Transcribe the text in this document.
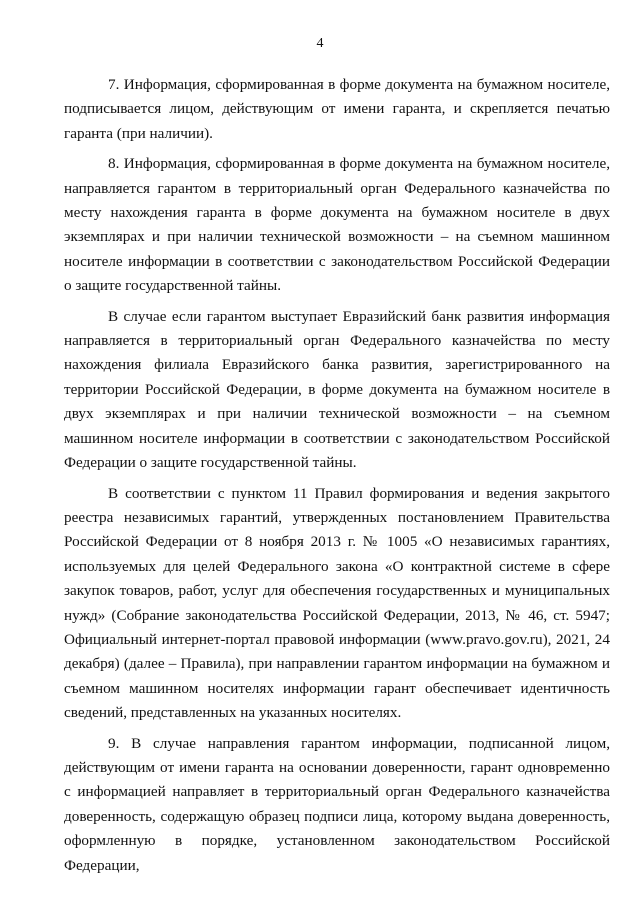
4

7. Информация, сформированная в форме документа на бумажном носителе, подписывается лицом, действующим от имени гаранта, и скрепляется печатью гаранта (при наличии).

8. Информация, сформированная в форме документа на бумажном носителе, направляется гарантом в территориальный орган Федерального казначейства по месту нахождения гаранта в форме документа на бумажном носителе в двух экземплярах и при наличии технической возможности – на съемном машинном носителе информации в соответствии с законодательством Российской Федерации о защите государственной тайны.

В случае если гарантом выступает Евразийский банк развития информация направляется в территориальный орган Федерального казначейства по месту нахождения филиала Евразийского банка развития, зарегистрированного на территории Российской Федерации, в форме документа на бумажном носителе в двух экземплярах и при наличии технической возможности – на съемном машинном носителе информации в соответствии с законодательством Российской Федерации о защите государственной тайны.

В соответствии с пунктом 11 Правил формирования и ведения закрытого реестра независимых гарантий, утвержденных постановлением Правительства Российской Федерации от 8 ноября 2013 г. № 1005 «О независимых гарантиях, используемых для целей Федерального закона «О контрактной системе в сфере закупок товаров, работ, услуг для обеспечения государственных и муниципальных нужд» (Собрание законодательства Российской Федерации, 2013, № 46, ст. 5947; Официальный интернет-портал правовой информации (www.pravo.gov.ru), 2021, 24 декабря) (далее – Правила), при направлении гарантом информации на бумажном и съемном машинном носителях информации гарант обеспечивает идентичность сведений, представленных на указанных носителях.

9. В случае направления гарантом информации, подписанной лицом, действующим от имени гаранта на основании доверенности, гарант одновременно с информацией направляет в территориальный орган Федерального казначейства доверенность, содержащую образец подписи лица, которому выдана доверенность, оформленную в порядке, установленном законодательством Российской Федерации,
